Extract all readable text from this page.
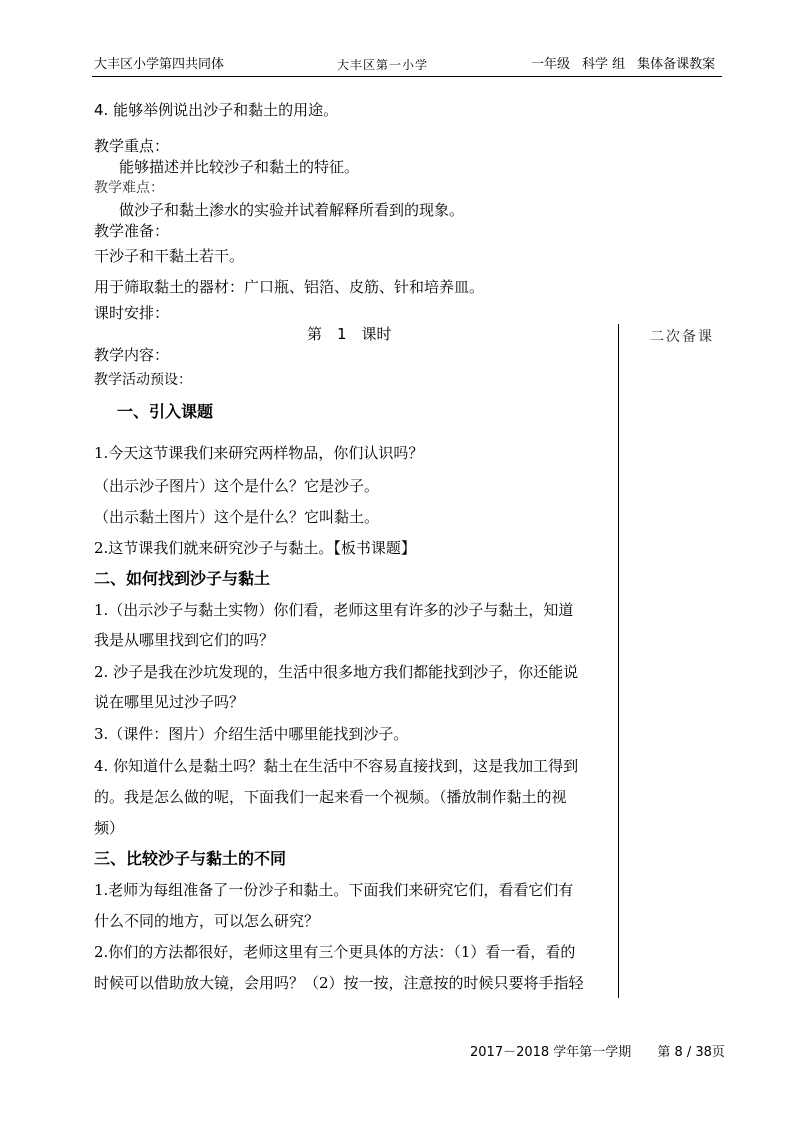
大丰区小学第四共同体	大丰区第一小学	一年级 科学 组 集体备课教案
4. 能够举例说出沙子和黏土的用途。
教学重点：
能够描述并比较沙子和黏土的特征。
教学难点：
做沙子和黏土渗水的实验并试着解释所看到的现象。
教学准备：
干沙子和干黏土若干。
用于筛取黏土的器材：广口瓶、铝箔、皮筋、针和培养皿。
课时安排：
第　1　课时	二次备课
教学内容：
教学活动预设：
一、引入课题
1.今天这节课我们来研究两样物品，你们认识吗？
（出示沙子图片）这个是什么？它是沙子。
（出示黏土图片）这个是什么？它叫黏土。
2.这节课我们就来研究沙子与黏土。【板书课题】
二、如何找到沙子与黏土
1.（出示沙子与黏土实物）你们看，老师这里有许多的沙子与黏土，知道
我是从哪里找到它们的吗？
2. 沙子是我在沙坑发现的，生活中很多地方我们都能找到沙子，你还能说
说在哪里见过沙子吗？
3.（课件：图片）介绍生活中哪里能找到沙子。
4. 你知道什么是黏土吗？黏土在生活中不容易直接找到，这是我加工得到
的。我是怎么做的呢，下面我们一起来看一个视频。（播放制作黏土的视
频）
三、比较沙子与黏土的不同
1.老师为每组准备了一份沙子和黏土。下面我们来研究它们，看看它们有
什么不同的地方，可以怎么研究？
2.你们的方法都很好，老师这里有三个更具体的方法：（1）看一看，看的
时候可以借助放大镜，会用吗？（2）按一按，注意按的时候只要将手指轻
2017－2018 学年第一学期　　 第 8 / 38页
